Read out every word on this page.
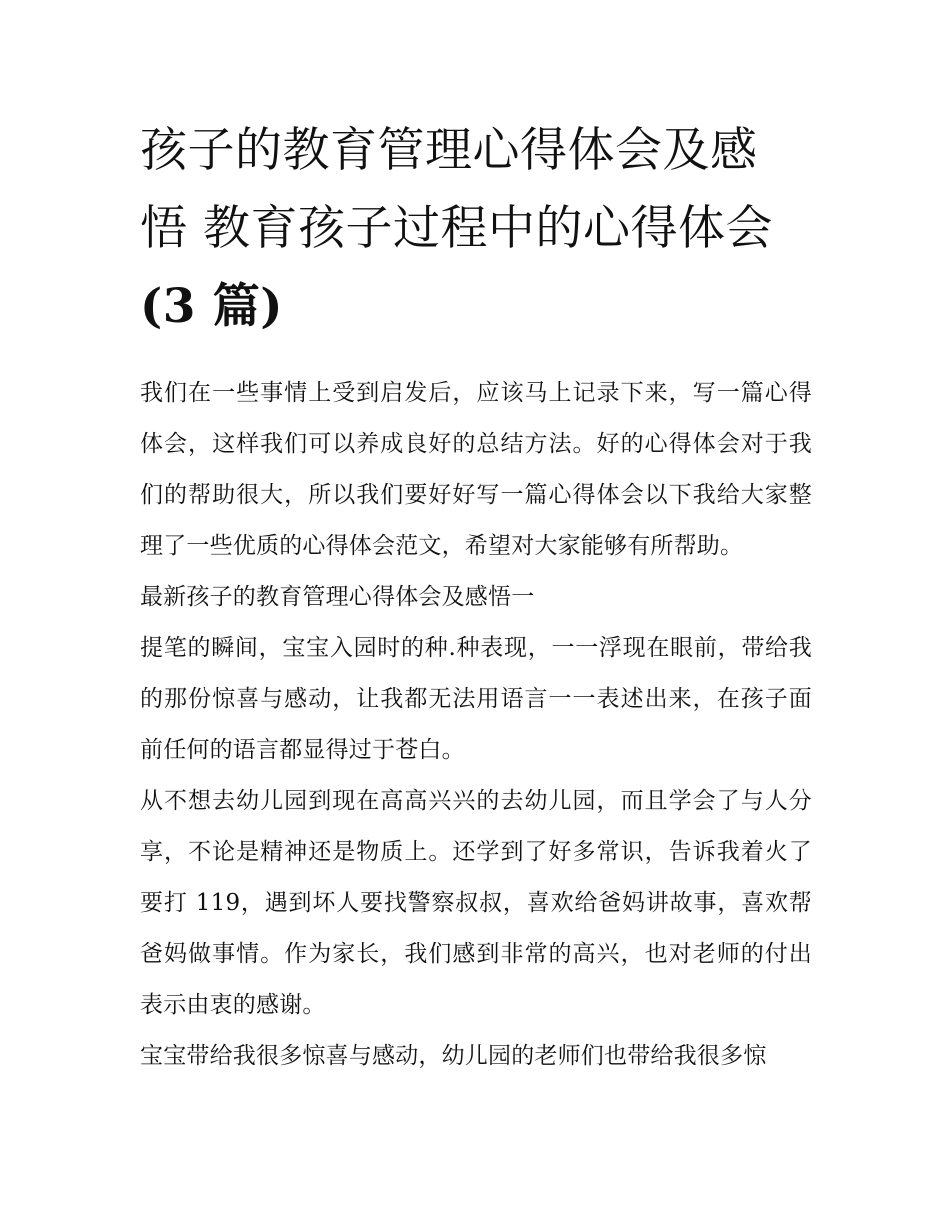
孩子的教育管理心得体会及感
悟 教育孩子过程中的心得体会
(3 篇)

我们在一些事情上受到启发后，应该马上记录下来，写一篇心得体会，这样我们可以养成良好的总结方法。好的心得体会对于我们的帮助很大，所以我们要好好写一篇心得体会以下我给大家整理了一些优质的心得体会范文，希望对大家能够有所帮助。

最新孩子的教育管理心得体会及感悟一

提笔的瞬间，宝宝入园时的种.种表现，一一浮现在眼前，带给我的那份惊喜与感动，让我都无法用语言一一表述出来，在孩子面前任何的语言都显得过于苍白。

从不想去幼儿园到现在高高兴兴的去幼儿园，而且学会了与人分享，不论是精神还是物质上。还学到了好多常识，告诉我着火了要打 119，遇到坏人要找警察叔叔，喜欢给爸妈讲故事，喜欢帮爸妈做事情。作为家长，我们感到非常的高兴，也对老师的付出表示由衷的感谢。

宝宝带给我很多惊喜与感动，幼儿园的老师们也带给我很多惊
